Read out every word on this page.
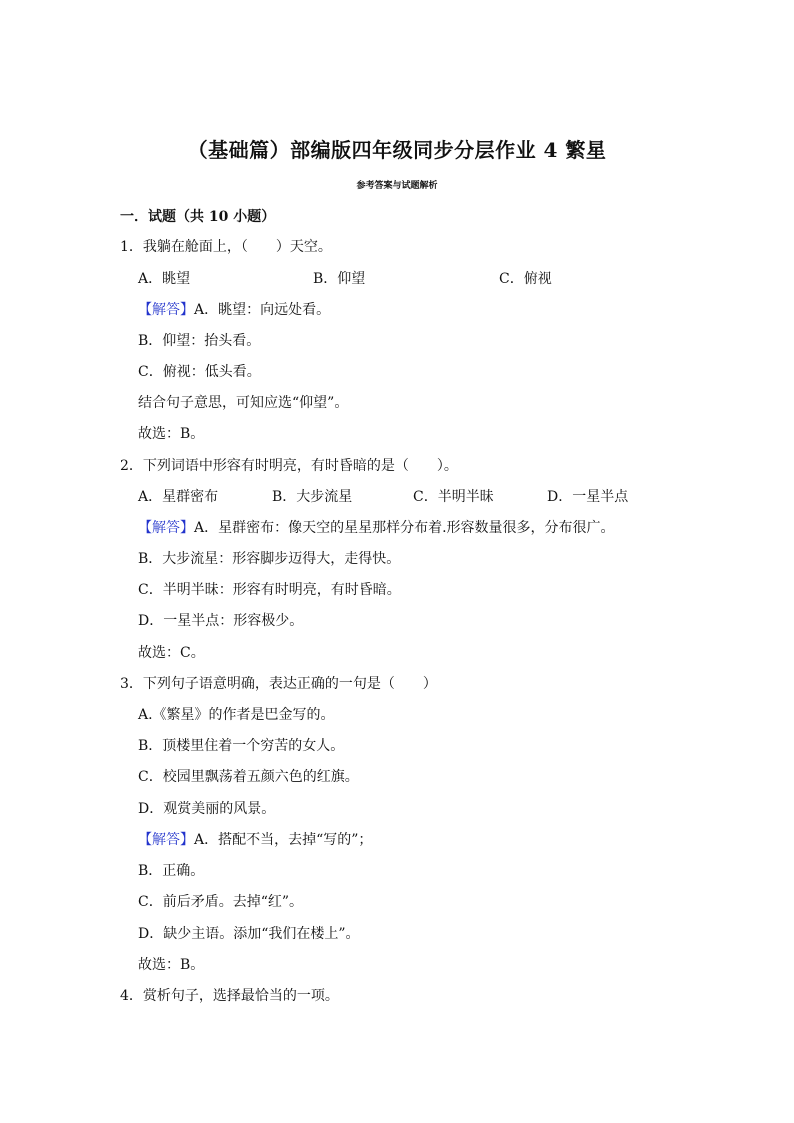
（基础篇）部编版四年级同步分层作业 4 繁星
参考答案与试题解析
一．试题（共 10 小题）
1．我躺在舱面上，（　　）天空。
A．眺望	B．仰望	C．俯视
【解答】A．眺望：向远处看。
B．仰望：抬头看。
C．俯视：低头看。
结合句子意思，可知应选“仰望”。
故选：B。
2．下列词语中形容有时明亮，有时昏暗的是（　　）。
A．星群密布	B．大步流星	C．半明半昧	D．一星半点
【解答】A．星群密布：像天空的星星那样分布着.形容数量很多，分布很广。
B．大步流星：形容脚步迈得大，走得快。
C．半明半昧：形容有时明亮，有时昏暗。
D．一星半点：形容极少。
故选：C。
3．下列句子语意明确，表达正确的一句是（　　）
A.《繁星》的作者是巴金写的。
B．顶楼里住着一个穷苦的女人。
C．校园里飘荡着五颜六色的红旗。
D．观赏美丽的风景。
【解答】A．搭配不当，去掉“写的”；
B．正确。
C．前后矛盾。去掉“红”。
D．缺少主语。添加“我们在楼上”。
故选：B。
4．赏析句子，选择最恰当的一项。
